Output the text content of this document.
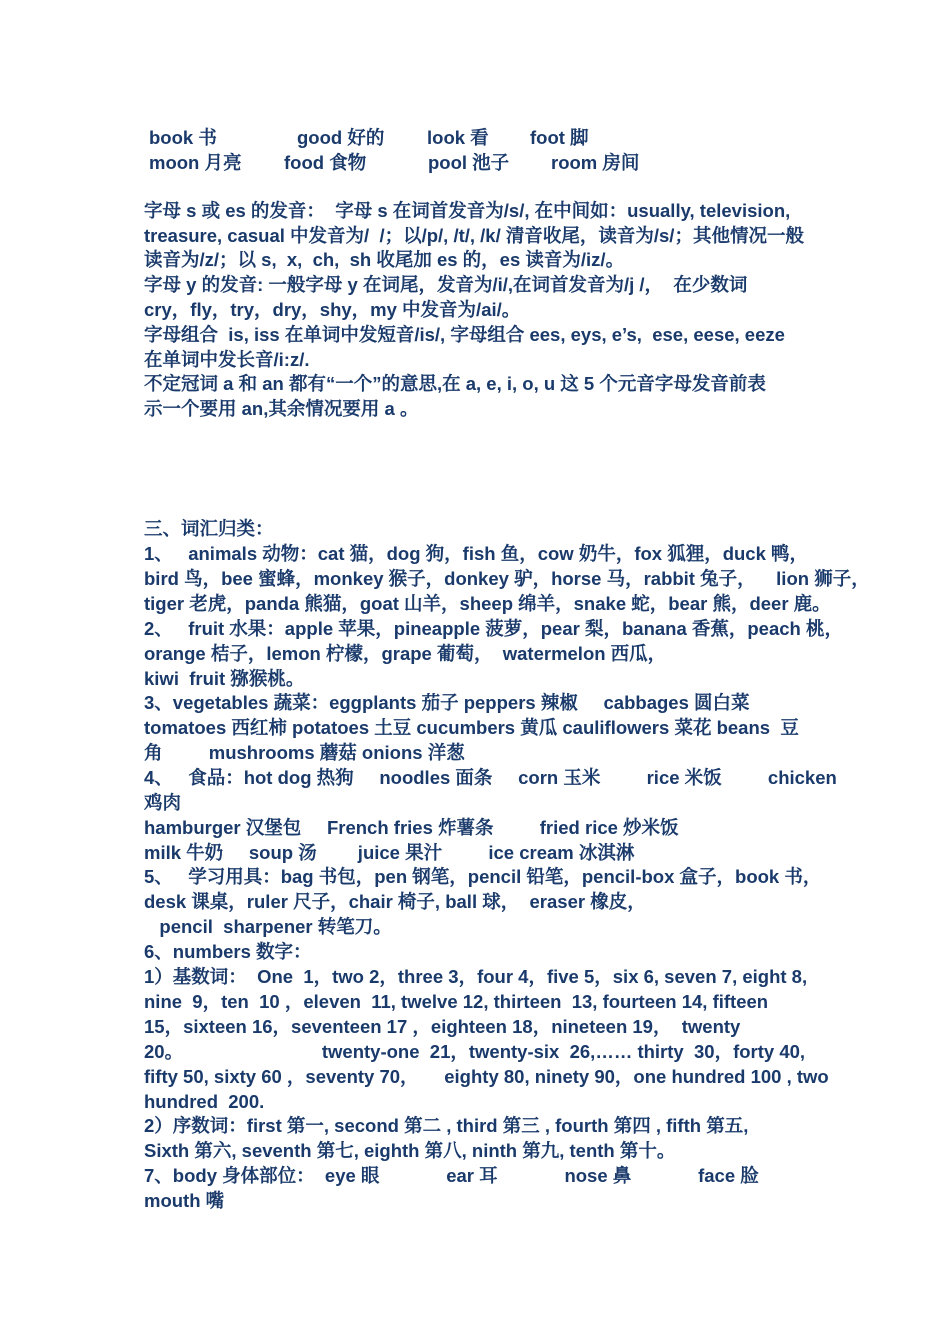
book 书	good 好的 look 看 foot 脚
moon 月亮 food 食物	pool 池子 room 房间
字母 s 或 es 的发音：  字母 s 在词首发音为/s/, 在中间如：usually, television,
treasure, casual 中发音为/  /；以/p/, /t/, /k/ 清音收尾，读音为/s/；其他情况一般
读音为/z/；以 s,  x,  ch,  sh 收尾加 es 的，es 读音为/iz/。
字母 y 的发音: 一般字母 y 在词尾，发音为/i/,在词首发音为/j /，  在少数词
cry，fly，try，dry，shy，my 中发音为/ai/。
字母组合  is, iss 在单词中发短音/is/, 字母组合 ees, eys, e’s,  ese, eese, eeze
在单词中发长音/i:z/.
不定冠词 a 和 an 都有“一个”的意思,在 a, e, i, o, u 这 5 个元音字母发音前表
示一个要用 an,其余情况要用 a 。
三、词汇归类：
1、   animals 动物：cat 猫，dog 狗，fish 鱼，cow 奶牛，fox 狐狸，duck 鸭，
bird 鸟，bee 蜜蜂，monkey 猴子，donkey 驴，horse 马，rabbit 兔子，    lion 狮子，
tiger 老虎，panda 熊猫，goat 山羊，sheep 绵羊，snake 蛇，bear 熊，deer 鹿。
2、   fruit 水果：apple 苹果，pineapple 菠萝，pear 梨，banana 香蕉，peach 桃，
orange 桔子，lemon 柠檬，grape 葡萄，  watermelon 西瓜，
kiwi  fruit 猕猴桃。
3、vegetables 蔬菜：eggplants 茄子 peppers 辣椒     cabbages 圆白菜
tomatoes 西红柿 potatoes 土豆 cucumbers 黄瓜 cauliflowers 菜花 beans  豆
角         mushrooms 蘑菇 onions 洋葱
4、   食品：hot dog 热狗     noodles 面条     corn 玉米         rice 米饭         chicken
鸡肉
hamburger 汉堡包     French fries 炸薯条         fried rice 炒米饭
milk 牛奶     soup 汤        juice 果汁         ice cream 冰淇淋
5、   学习用具：bag 书包，pen 钢笔，pencil 铅笔，pencil-box 盒子，book 书，
desk 课桌，ruler 尺子，chair 椅子, ball 球，  eraser 橡皮，
pencil  sharpener 转笔刀。
6、numbers 数字：
1）基数词：  One  1，two 2，three 3，four 4，five 5，six 6, seven 7, eight 8,
nine  9，ten  10 ，eleven  11, twelve 12, thirteen  13, fourteen 14, fifteen
15，sixteen 16，seventeen 17 ，eighteen 18，nineteen 19，  twenty
20。                           twenty-one  21，twenty-six  26,…… thirty  30，forty 40,
fifty 50, sixty 60 ，seventy 70，     eighty 80, ninety 90，one hundred 100 , two
hundred  200.
2）序数词：first 第一, second 第二 , third 第三 , fourth 第四 , fifth 第五,
Sixth 第六, seventh 第七, eighth 第八, ninth 第九, tenth 第十。
7、body 身体部位：  eye 眼             ear 耳             nose 鼻             face 脸
mouth 嘴
